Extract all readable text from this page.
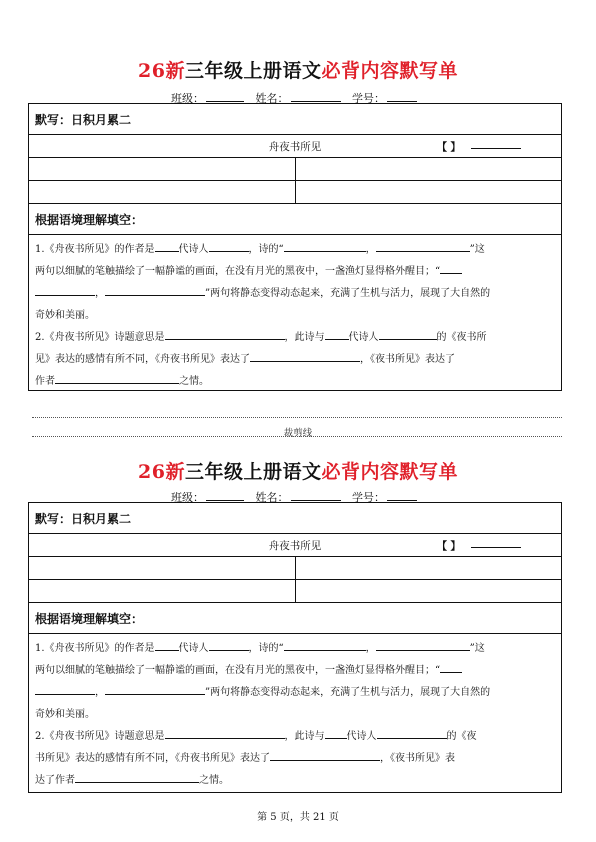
26新三年级上册语文必背内容默写单
班级：	姓名：	学号：
默写：日积月累二
舟夜书所见	【 】
根据语境理解填空：
1.《舟夜书所见》的作者是 代诗人	，诗的“	，	”这
两句以细腻的笔触描绘了一幅静谧的画面，在没有月光的黑夜中，一盏渔灯显得格外醒目；“
，	”两句将静态变得动态起来，充满了生机与活力，展现了大自然的
奇妙和美丽。
2.《舟夜书所见》诗题意思是	，此诗与 代诗人	的《夜书所
见》表达的感情有所不同，《舟夜书所见》表达了	，《夜书所见》表达了
作者	之情。
裁剪线
26新三年级上册语文必背内容默写单
班级：	姓名：	学号：
默写：日积月累二
舟夜书所见	【 】
根据语境理解填空：
1.《舟夜书所见》的作者是 代诗人	，诗的“	，	”这
两句以细腻的笔触描绘了一幅静谧的画面，在没有月光的黑夜中，一盏渔灯显得格外醒目；“
，	”两句将静态变得动态起来，充满了生机与活力，展现了大自然的
奇妙和美丽。
2.《舟夜书所见》诗题意思是	，此诗与 代诗人	的《夜
书所见》表达的感情有所不同，《舟夜书所见》表达了	，《夜书所见》表
达了作者	之情。
第 5 页，共 21 页
